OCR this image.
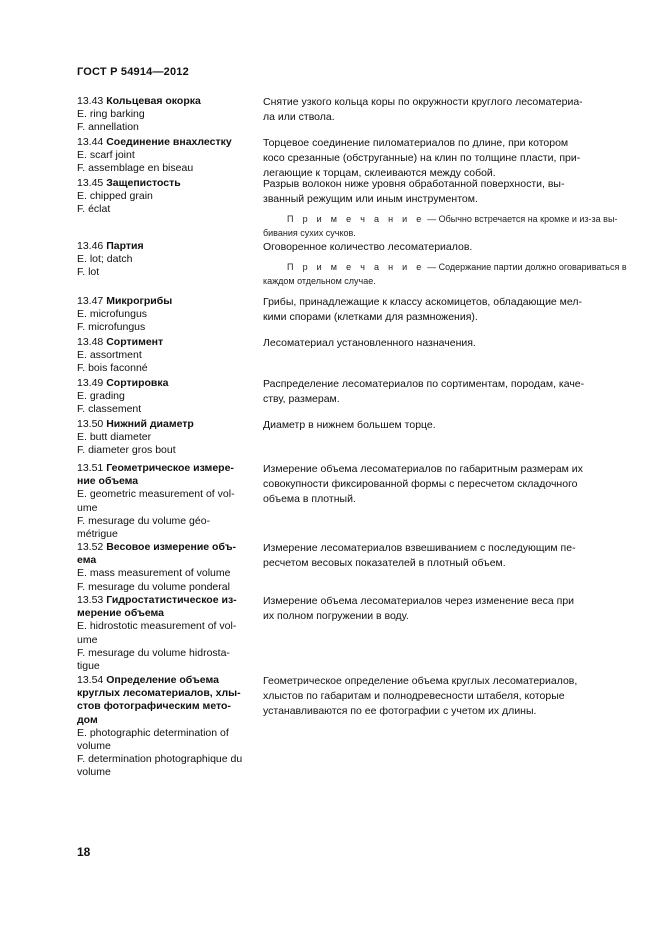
ГОСТ Р 54914—2012
13.43 Кольцевая окорка
E. ring barking
F. annellation
Снятие узкого кольца коры по окружности круглого лесоматериа-
ла или ствола.
13.44 Соединение внахлестку
E. scarf joint
F. assemblage en biseau
Торцевое соединение пиломатериалов по длине, при котором
косо срезанные (обструганные) на клин по толщине пласти, при-
легающие к торцам, склеиваются между собой.
13.45 Защепистость
E. chipped grain
F. éclat
Разрыв волокон ниже уровня обработанной поверхности, вы-
званный режущим или иным инструментом.
П р и м е ч а н и е — Обычно встречается на кромке и из-за вы-
бивания сухих сучков.
13.46 Партия
E. lot; datch
F. lot
Оговоренное количество лесоматериалов.
П р и м е ч а н и е — Содержание партии должно оговариваться в
каждом отдельном случае.
13.47 Микрогрибы
E. microfungus
F. microfungus
Грибы, принадлежащие к классу аскомицетов, обладающие мел-
кими спорами (клетками для размножения).
13.48 Сортимент
E. assortment
F. bois faconné
Лесоматериал установленного назначения.
13.49 Сортировка
E. grading
F. classement
Распределение лесоматериалов по сортиментам, породам, каче-
ству, размерам.
13.50 Нижний диаметр
E. butt diameter
F. diameter gros bout
Диаметр в нижнем большем торце.
13.51 Геометрическое измере-
ние объема
E. geometric measurement of vol-
ume
F. mesurage du volume géo-
métrigue
Измерение объема лесоматериалов по габаритным размерам их
совокупности фиксированной формы с пересчетом складочного
объема в плотный.
13.52 Весовое измерение объ-
ема
E. mass measurement of volume
F. mesurage du volume ponderal
Измерение лесоматериалов взвешиванием с последующим пе-
ресчетом весовых показателей в плотный объем.
13.53 Гидростатистическое из-
мерение объема
E. hidrostotic measurement of vol-
ume
F. mesurage du volume hidrosta-
tigue
Измерение объема лесоматериалов через изменение веса при
их полном погружении в воду.
13.54 Определение объема
круглых лесоматериалов, хлы-
стов фотографическим мето-
дом
E. photographic determination of
volume
F. determination photographique du
volume
Геометрическое определение объема круглых лесоматериалов,
хлыстов по габаритам и полнодревесности штабеля, которые
устанавливаются по ее фотографии с учетом их длины.
18
